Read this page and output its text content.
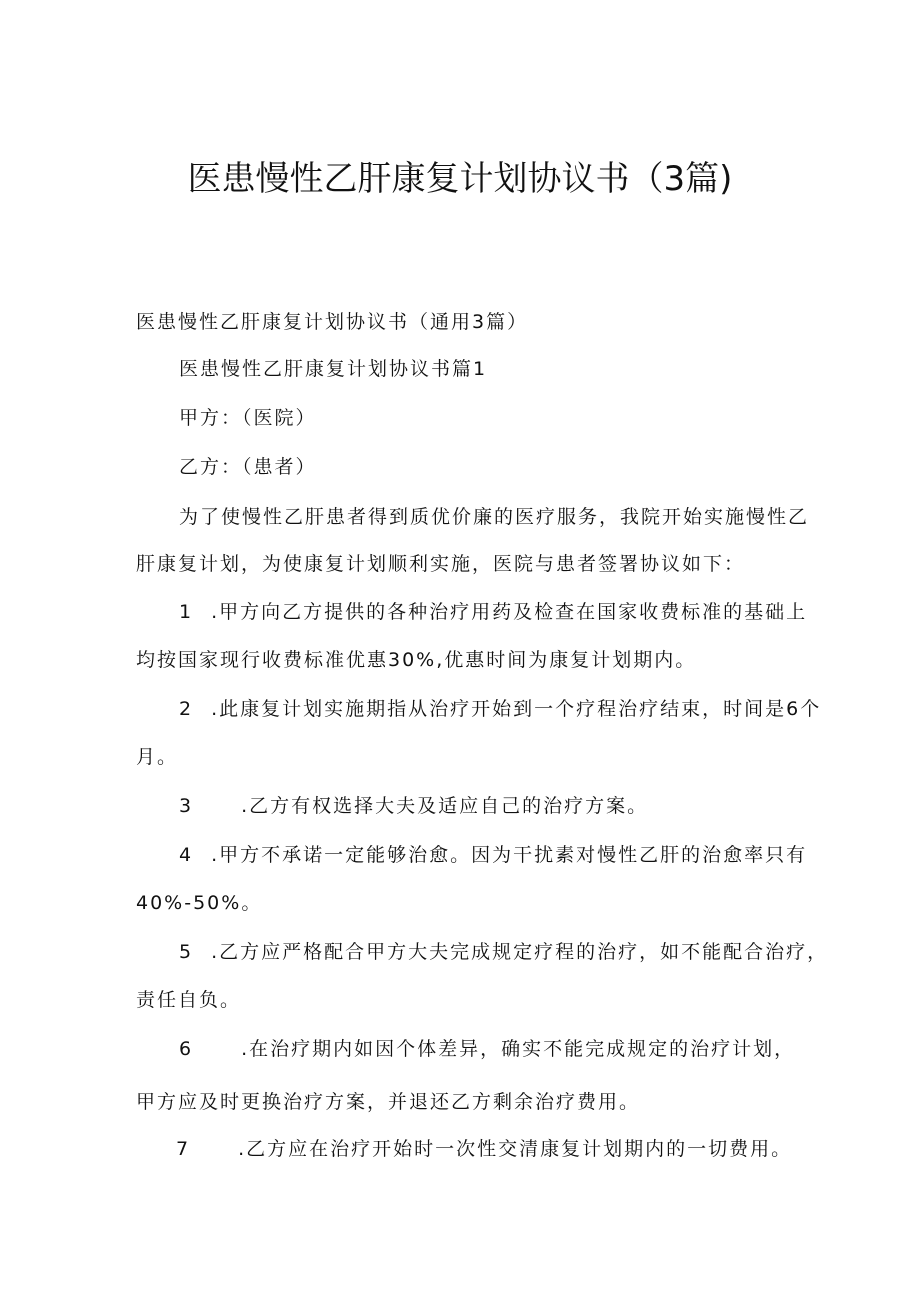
医患慢性乙肝康复计划协议书（3篇)
医患慢性乙肝康复计划协议书（通用3篇）
医患慢性乙肝康复计划协议书篇1
甲方：（医院）
乙方：（患者）
为了使慢性乙肝患者得到质优价廉的医疗服务，我院开始实施慢性乙
肝康复计划，为使康复计划顺利实施，医院与患者签署协议如下：
1 .甲方向乙方提供的各种治疗用药及检查在国家收费标准的基础上
均按国家现行收费标准优惠30%,优惠时间为康复计划期内。
2 .此康复计划实施期指从治疗开始到一个疗程治疗结束，时间是6个
月。
3	.乙方有权选择大夫及适应自己的治疗方案。
4 .甲方不承诺一定能够治愈。因为干扰素对慢性乙肝的治愈率只有
40%-50%。
5 .乙方应严格配合甲方大夫完成规定疗程的治疗，如不能配合治疗，
责任自负。
6	.在治疗期内如因个体差异，确实不能完成规定的治疗计划，
甲方应及时更换治疗方案，并退还乙方剩余治疗费用。
7	.乙方应在治疗开始时一次性交清康复计划期内的一切费用。
